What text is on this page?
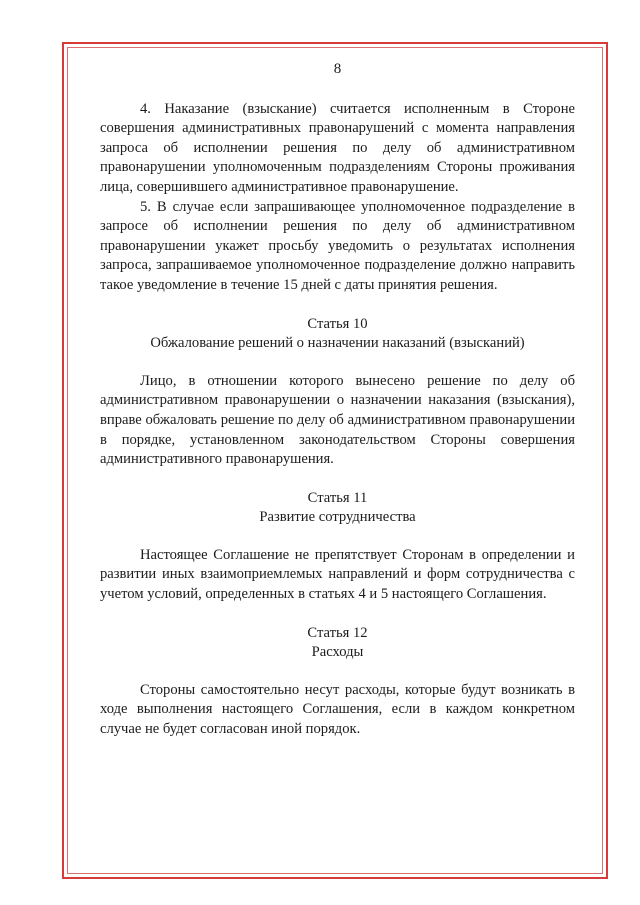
8

4. Наказание (взыскание) считается исполненным в Стороне совершения административных правонарушений с момента направления запроса об исполнении решения по делу об административном правонарушении уполномоченным подразделениям Стороны проживания лица, совершившего административное правонарушение.

5. В случае если запрашивающее уполномоченное подразделение в запросе об исполнении решения по делу об административном правонарушении укажет просьбу уведомить о результатах исполнения запроса, запрашиваемое уполномоченное подразделение должно направить такое уведомление в течение 15 дней с даты принятия решения.

Статья 10
Обжалование решений о назначении наказаний (взысканий)

Лицо, в отношении которого вынесено решение по делу об административном правонарушении о назначении наказания (взыскания), вправе обжаловать решение по делу об административном правонарушении в порядке, установленном законодательством Стороны совершения административного правонарушения.

Статья 11
Развитие сотрудничества

Настоящее Соглашение не препятствует Сторонам в определении и развитии иных взаимоприемлемых направлений и форм сотрудничества с учетом условий, определенных в статьях 4 и 5 настоящего Соглашения.

Статья 12
Расходы

Стороны самостоятельно несут расходы, которые будут возникать в ходе выполнения настоящего Соглашения, если в каждом конкретном случае не будет согласован иной порядок.
